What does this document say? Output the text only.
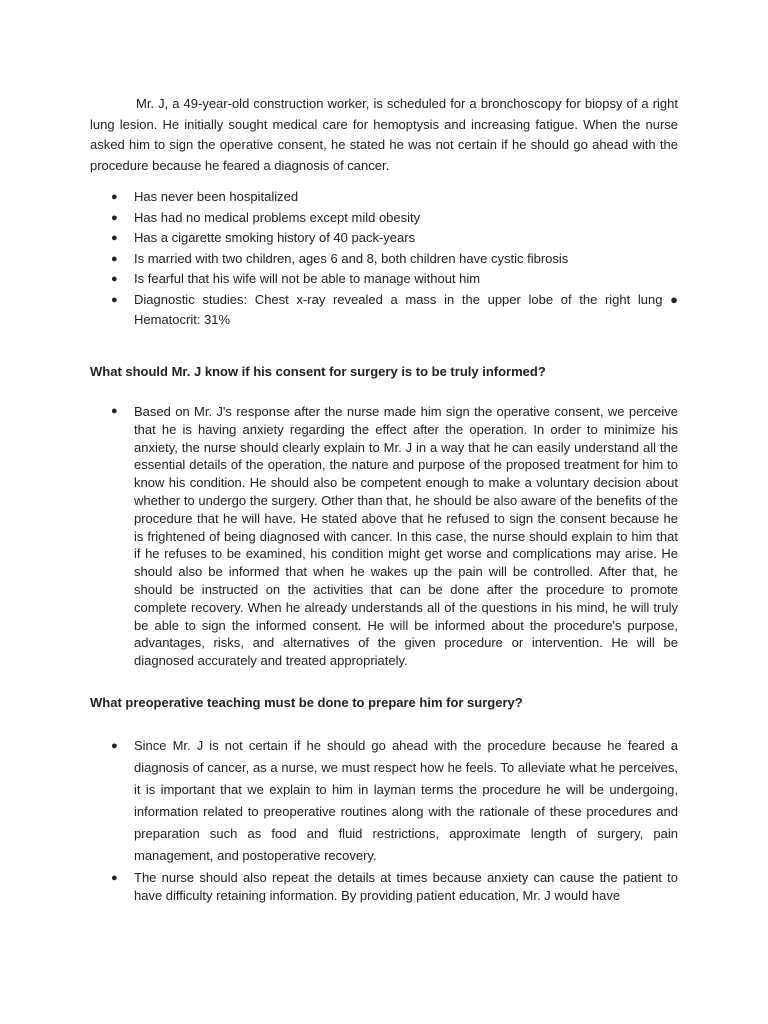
Mr. J, a 49-year-old construction worker, is scheduled for a bronchoscopy for biopsy of a right lung lesion. He initially sought medical care for hemoptysis and increasing fatigue. When the nurse asked him to sign the operative consent, he stated he was not certain if he should go ahead with the procedure because he feared a diagnosis of cancer.

● Has never been hospitalized
● Has had no medical problems except mild obesity
● Has a cigarette smoking history of 40 pack-years
● Is married with two children, ages 6 and 8, both children have cystic fibrosis
● Is fearful that his wife will not be able to manage without him
● Diagnostic studies: Chest x-ray revealed a mass in the upper lobe of the right lung ● Hematocrit: 31%

What should Mr. J know if his consent for surgery is to be truly informed?

● Based on Mr. J's response after the nurse made him sign the operative consent, we perceive that he is having anxiety regarding the effect after the operation. In order to minimize his anxiety, the nurse should clearly explain to Mr. J in a way that he can easily understand all the essential details of the operation, the nature and purpose of the proposed treatment for him to know his condition. He should also be competent enough to make a voluntary decision about whether to undergo the surgery. Other than that, he should be also aware of the benefits of the procedure that he will have. He stated above that he refused to sign the consent because he is frightened of being diagnosed with cancer. In this case, the nurse should explain to him that if he refuses to be examined, his condition might get worse and complications may arise. He should also be informed that when he wakes up the pain will be controlled. After that, he should be instructed on the activities that can be done after the procedure to promote complete recovery. When he already understands all of the questions in his mind, he will truly be able to sign the informed consent. He will be informed about the procedure's purpose, advantages, risks, and alternatives of the given procedure or intervention. He will be diagnosed accurately and treated appropriately.

What preoperative teaching must be done to prepare him for surgery?

● Since Mr. J is not certain if he should go ahead with the procedure because he feared a diagnosis of cancer, as a nurse, we must respect how he feels. To alleviate what he perceives, it is important that we explain to him in layman terms the procedure he will be undergoing, information related to preoperative routines along with the rationale of these procedures and preparation such as food and fluid restrictions, approximate length of surgery, pain management, and postoperative recovery.
● The nurse should also repeat the details at times because anxiety can cause the patient to have difficulty retaining information. By providing patient education, Mr. J would have
